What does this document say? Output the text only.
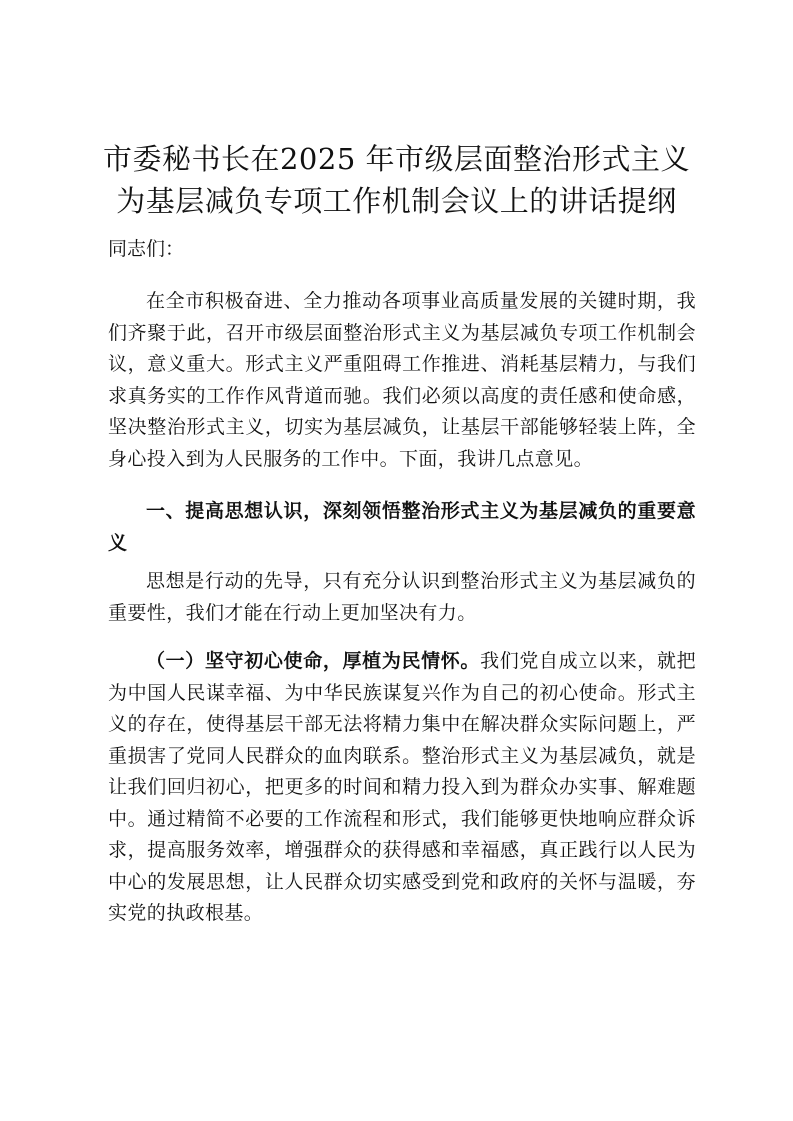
市委秘书长在2025 年市级层面整治形式主义
为基层减负专项工作机制会议上的讲话提纲

同志们：

在全市积极奋进、全力推动各项事业高质量发展的关键时期，我们齐聚于此，召开市级层面整治形式主义为基层减负专项工作机制会议，意义重大。形式主义严重阻碍工作推进、消耗基层精力，与我们求真务实的工作作风背道而驰。我们必须以高度的责任感和使命感，坚决整治形式主义，切实为基层减负，让基层干部能够轻装上阵，全身心投入到为人民服务的工作中。下面，我讲几点意见。

一、提高思想认识，深刻领悟整治形式主义为基层减负的重要意义

思想是行动的先导，只有充分认识到整治形式主义为基层减负的重要性，我们才能在行动上更加坚决有力。

（一）坚守初心使命，厚植为民情怀。我们党自成立以来，就把为中国人民谋幸福、为中华民族谋复兴作为自己的初心使命。形式主义的存在，使得基层干部无法将精力集中在解决群众实际问题上，严重损害了党同人民群众的血肉联系。整治形式主义为基层减负，就是让我们回归初心，把更多的时间和精力投入到为群众办实事、解难题中。通过精简不必要的工作流程和形式，我们能够更快地响应群众诉求，提高服务效率，增强群众的获得感和幸福感，真正践行以人民为中心的发展思想，让人民群众切实感受到党和政府的关怀与温暖，夯实党的执政根基。
